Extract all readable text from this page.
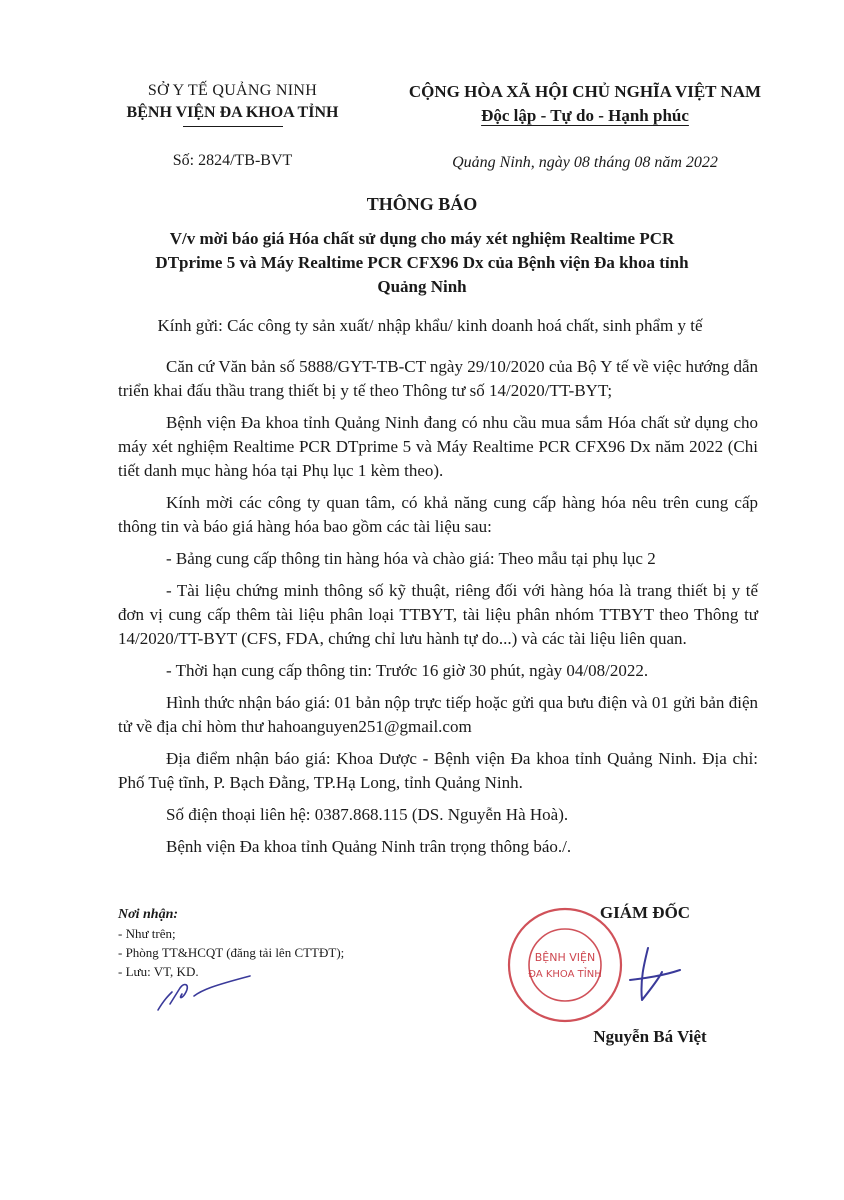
SỞ Y TẾ QUẢNG NINH
BỆNH VIỆN ĐA KHOA TỈNH
CỘNG HÒA XÃ HỘI CHỦ NGHĨA VIỆT NAM
Độc lập - Tự do - Hạnh phúc
Số: 2824/TB-BVT	Quảng Ninh, ngày 08 tháng 08 năm 2022
THÔNG BÁO
V/v mời báo giá Hóa chất sử dụng cho máy xét nghiệm Realtime PCR DTprime 5 và Máy Realtime PCR CFX96 Dx của Bệnh viện Đa khoa tỉnh Quảng Ninh
Kính gửi: Các công ty sản xuất/ nhập khẩu/ kinh doanh hoá chất, sinh phẩm y tế

Căn cứ Văn bản số 5888/GYT-TB-CT ngày 29/10/2020 của Bộ Y tế về việc hướng dẫn triển khai đấu thầu trang thiết bị y tế theo Thông tư số 14/2020/TT-BYT;

Bệnh viện Đa khoa tỉnh Quảng Ninh đang có nhu cầu mua sắm Hóa chất sử dụng cho máy xét nghiệm Realtime PCR DTprime 5 và Máy Realtime PCR CFX96 Dx năm 2022 (Chi tiết danh mục hàng hóa tại Phụ lục 1 kèm theo).

Kính mời các công ty quan tâm, có khả năng cung cấp hàng hóa nêu trên cung cấp thông tin và báo giá hàng hóa bao gồm các tài liệu sau:

- Bảng cung cấp thông tin hàng hóa và chào giá: Theo mẫu tại phụ lục 2

- Tài liệu chứng minh thông số kỹ thuật, riêng đối với hàng hóa là trang thiết bị y tế đơn vị cung cấp thêm tài liệu phân loại TTBYT, tài liệu phân nhóm TTBYT theo Thông tư 14/2020/TT-BYT (CFS, FDA, chứng chỉ lưu hành tự do...) và các tài liệu liên quan.

- Thời hạn cung cấp thông tin: Trước 16 giờ 30 phút, ngày 04/08/2022.

Hình thức nhận báo giá: 01 bản nộp trực tiếp hoặc gửi qua bưu điện và 01 gửi bản điện tử về địa chỉ hòm thư hahoanguyen251@gmail.com

Địa điểm nhận báo giá: Khoa Dược - Bệnh viện Đa khoa tỉnh Quảng Ninh. Địa chỉ: Phố Tuệ tĩnh, P. Bạch Đằng, TP.Hạ Long, tỉnh Quảng Ninh.

Số điện thoại liên hệ: 0387.868.115 (DS. Nguyễn Hà Hoà).

Bệnh viện Đa khoa tỉnh Quảng Ninh trân trọng thông báo./.

Nơi nhận:
- Như trên;
- Phòng TT&HCQT (đăng tải lên CTTĐT);
- Lưu: VT, KD.
BỆNH VIỆN
ĐA KHOA TỈNH
GIÁM ĐỐC
Nguyễn Bá Việt
